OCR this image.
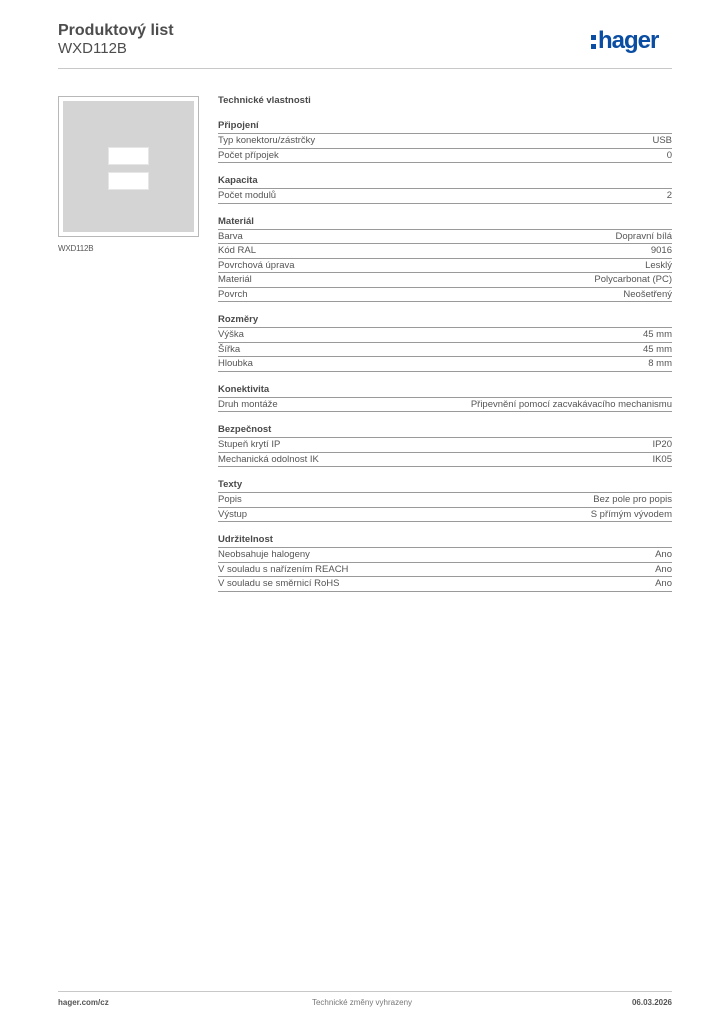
Produktový list
WXD112B	hager
WXD112B
Technické vlastnosti
Připojení
Typ konektoru/zástrčky	USB
Počet přípojek	0
Kapacita
Počet modulů	2
Materiál
Barva	Dopravní bílá
Kód RAL	9016
Povrchová úprava	Lesklý
Materiál	Polycarbonat (PC)
Povrch	Neošetřený
Rozměry
Výška	45 mm
Šířka	45 mm
Hloubka	8 mm
Konektivita
Druh montáže	Připevnění pomocí zacvakávacího mechanismu
Bezpečnost
Stupeň krytí IP	IP20
Mechanická odolnost IK	IK05
Texty
Popis	Bez pole pro popis
Výstup	S přímým vývodem
Udržitelnost
Neobsahuje halogeny	Ano
V souladu s nařízením REACH	Ano
V souladu se směrnicí RoHS	Ano
hager.com/cz	Technické změny vyhrazeny	06.03.2026
